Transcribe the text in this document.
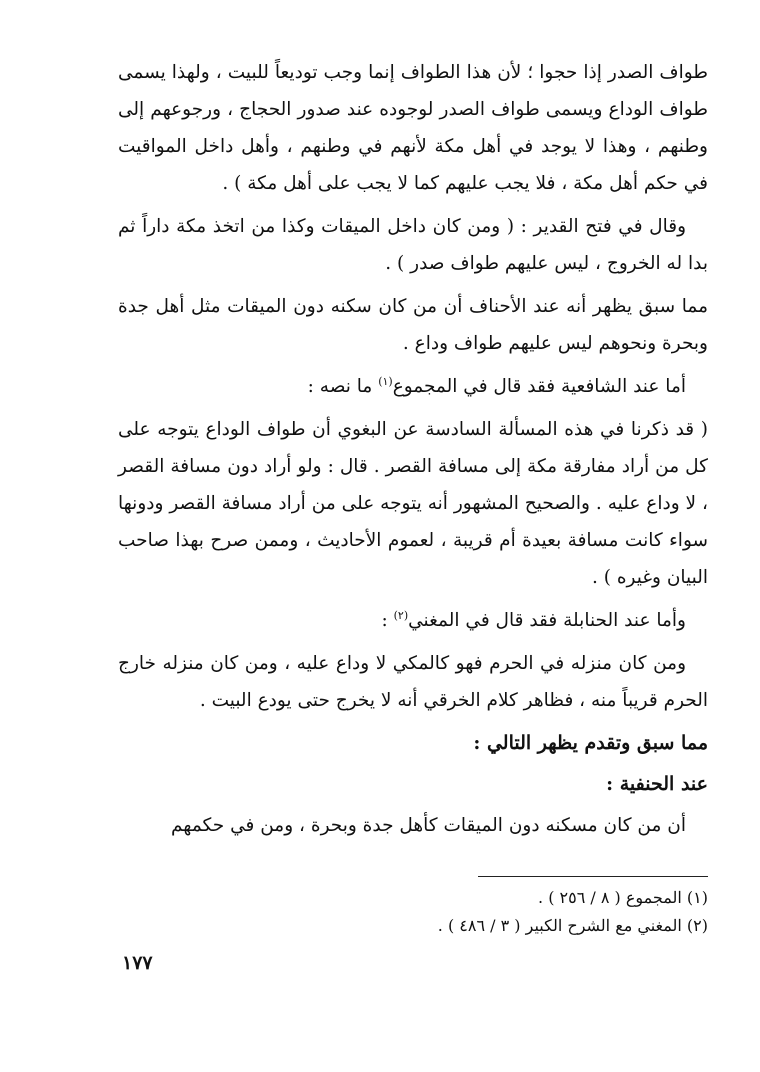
طواف الصدر إذا حجوا ؛ لأن هذا الطواف إنما وجب توديعاً للبيت ، ولهذا يسمى طواف الوداع ويسمى طواف الصدر لوجوده عند صدور الحجاج ، ورجوعهم إلى وطنهم ، وهذا لا يوجد في أهل مكة لأنهم في وطنهم ، وأهل داخل المواقيت في حكم أهل مكة ، فلا يجب عليهم كما لا يجب على أهل مكة ) .

وقال في فتح القدير : ( ومن كان داخل الميقات وكذا من اتخذ مكة داراً ثم بدا له الخروج ، ليس عليهم طواف صدر ) .

مما سبق يظهر أنه عند الأحناف أن من كان سكنه دون الميقات مثل أهل جدة وبحرة ونحوهم ليس عليهم طواف وداع .

أما عند الشافعية فقد قال في المجموع$^{(١)}$ ما نصه :

( قد ذكرنا في هذه المسألة السادسة عن البغوي أن طواف الوداع يتوجه على كل من أراد مفارقة مكة إلى مسافة القصر . قال : ولو أراد دون مسافة القصر ، لا وداع عليه . والصحيح المشهور أنه يتوجه على من أراد مسافة القصر ودونها سواء كانت مسافة بعيدة أم قريبة ، لعموم الأحاديث ، وممن صرح بهذا صاحب البيان وغيره ) .

وأما عند الحنابلة فقد قال في المغني$^{(٢)}$ :

ومن كان منزله في الحرم فهو كالمكي لا وداع عليه ، ومن كان منزله خارج الحرم قريباً منه ، فظاهر كلام الخرقي أنه لا يخرج حتى يودع البيت .

مما سبق وتقدم يظهر التالي :
عند الحنفية :

أن من كان مسكنه دون الميقات كأهل جدة وبحرة ، ومن في حكمهم

(١) المجموع ( ٨ / ٢٥٦ ) .
(٢) المغني مع الشرح الكبير ( ٣ / ٤٨٦ ) .
١٧٧
